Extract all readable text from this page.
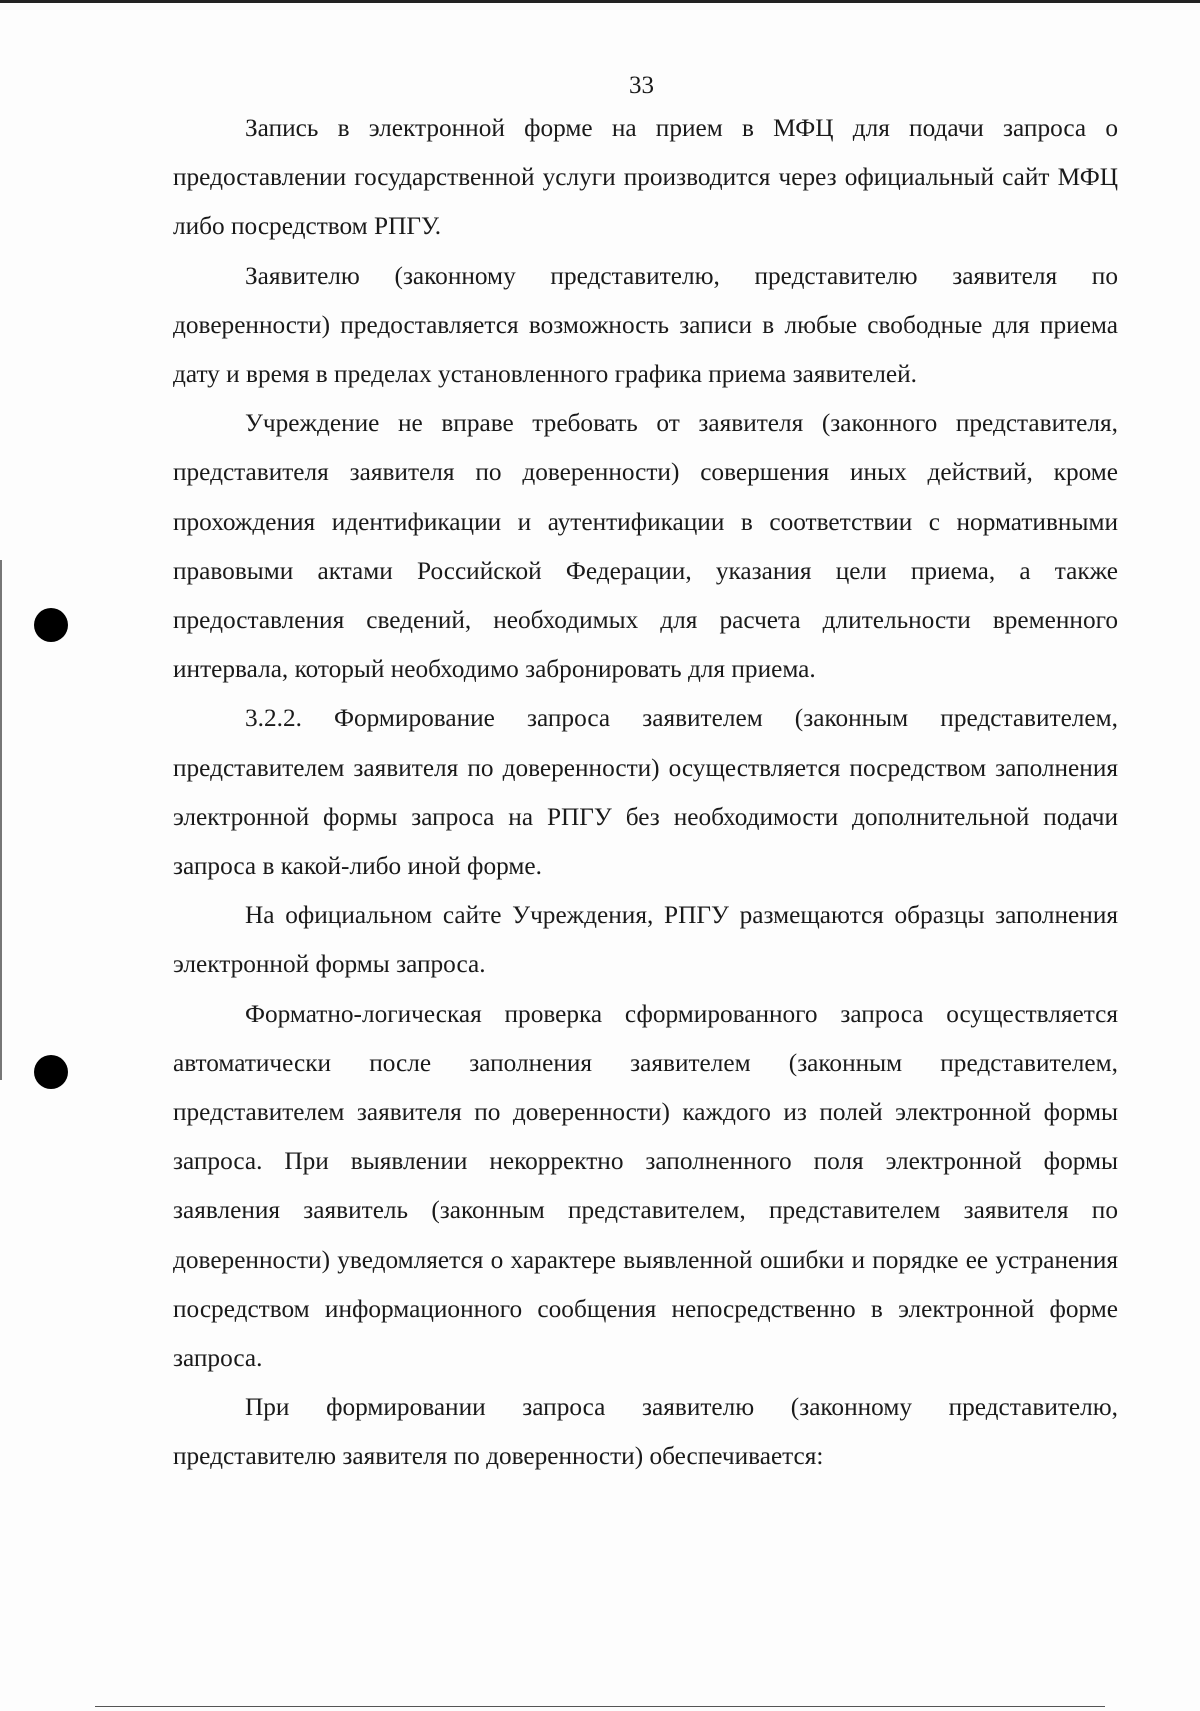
33

Запись в электронной форме на прием в МФЦ для подачи запроса о предоставлении государственной услуги производится через официальный сайт МФЦ либо посредством РПГУ.

Заявителю (законному представителю, представителю заявителя по доверенности) предоставляется возможность записи в любые свободные для приема дату и время в пределах установленного графика приема заявителей.

Учреждение не вправе требовать от заявителя (законного представителя, представителя заявителя по доверенности) совершения иных действий, кроме прохождения идентификации и аутентификации в соответствии с нормативными правовыми актами Российской Федерации, указания цели приема, а также предоставления сведений, необходимых для расчета длительности временного интервала, который необходимо забронировать для приема.

3.2.2. Формирование запроса заявителем (законным представителем, представителем заявителя по доверенности) осуществляется посредством заполнения электронной формы запроса на РПГУ без необходимости дополнительной подачи запроса в какой-либо иной форме.

На официальном сайте Учреждения, РПГУ размещаются образцы заполнения электронной формы запроса.

Форматно-логическая проверка сформированного запроса осуществляется автоматически после заполнения заявителем (законным представителем, представителем заявителя по доверенности) каждого из полей электронной формы запроса. При выявлении некорректно заполненного поля электронной формы заявления заявитель (законным представителем, представителем заявителя по доверенности) уведомляется о характере выявленной ошибки и порядке ее устранения посредством информационного сообщения непосредственно в электронной форме запроса.

При формировании запроса заявителю (законному представителю, представителю заявителя по доверенности) обеспечивается:
